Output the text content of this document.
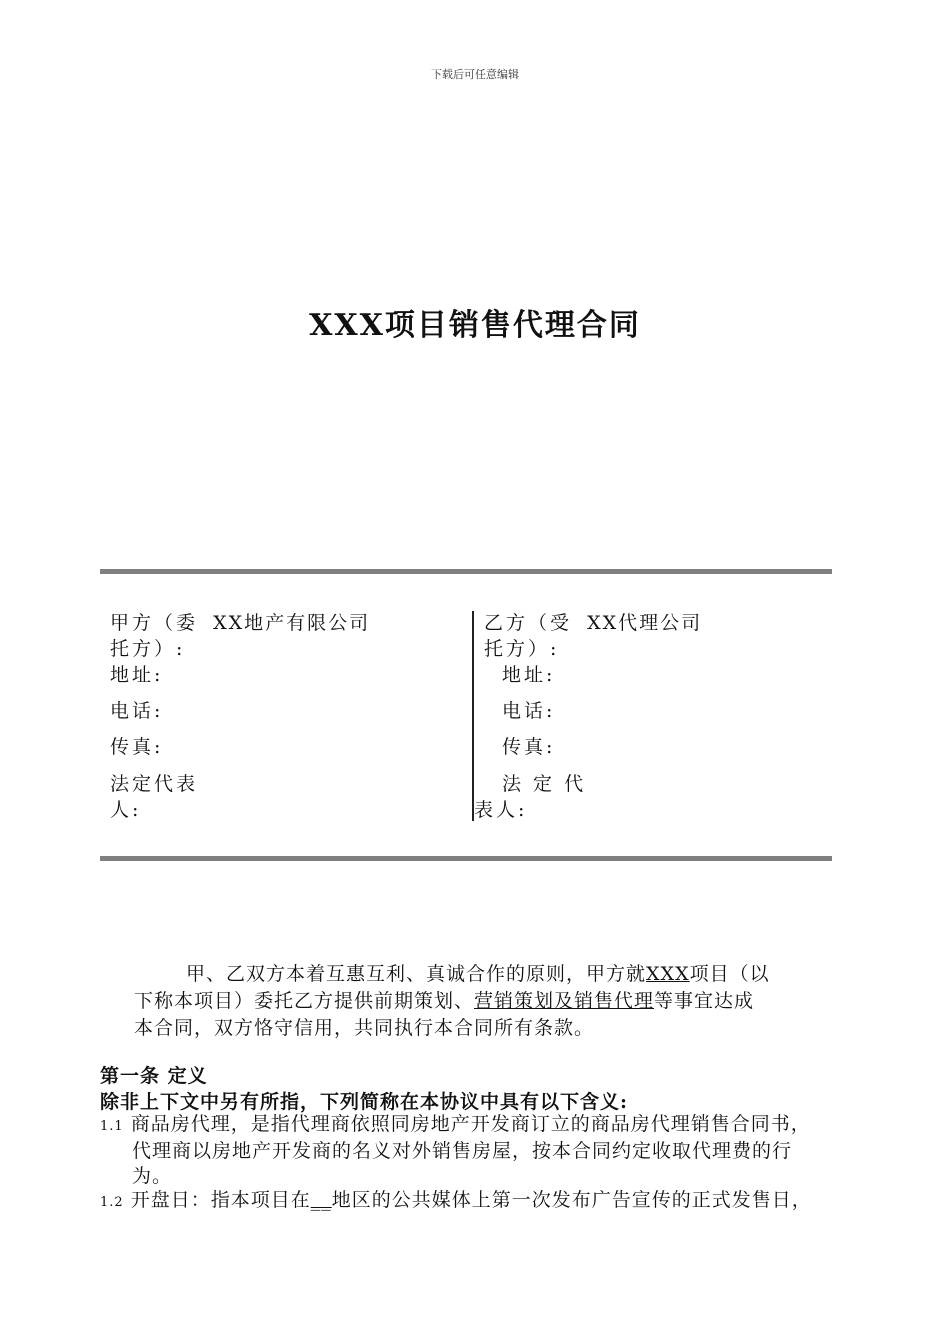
下载后可任意编辑
XXX项目销售代理合同
甲方（委 XX地产有限公司
托方）:
地址:
电话:
传真:
法定代表
人:
乙方（受 XX代理公司
托方）:
地址:
电话:
传真:
法 定 代
表人:
甲、乙双方本着互惠互利、真诚合作的原则，甲方就XXX项目（以
下称本项目）委托乙方提供前期策划、营销策划及销售代理等事宜达成
本合同，双方恪守信用，共同执行本合同所有条款。
第一条 定义
除非上下文中另有所指，下列简称在本协议中具有以下含义:
1.1 商品房代理，是指代理商依照同房地产开发商订立的商品房代理销售合同书，
代理商以房地产开发商的名义对外销售房屋，按本合同约定收取代理费的行
为。
1.2 开盘日：指本项目在__地区的公共媒体上第一次发布广告宣传的正式发售日，
